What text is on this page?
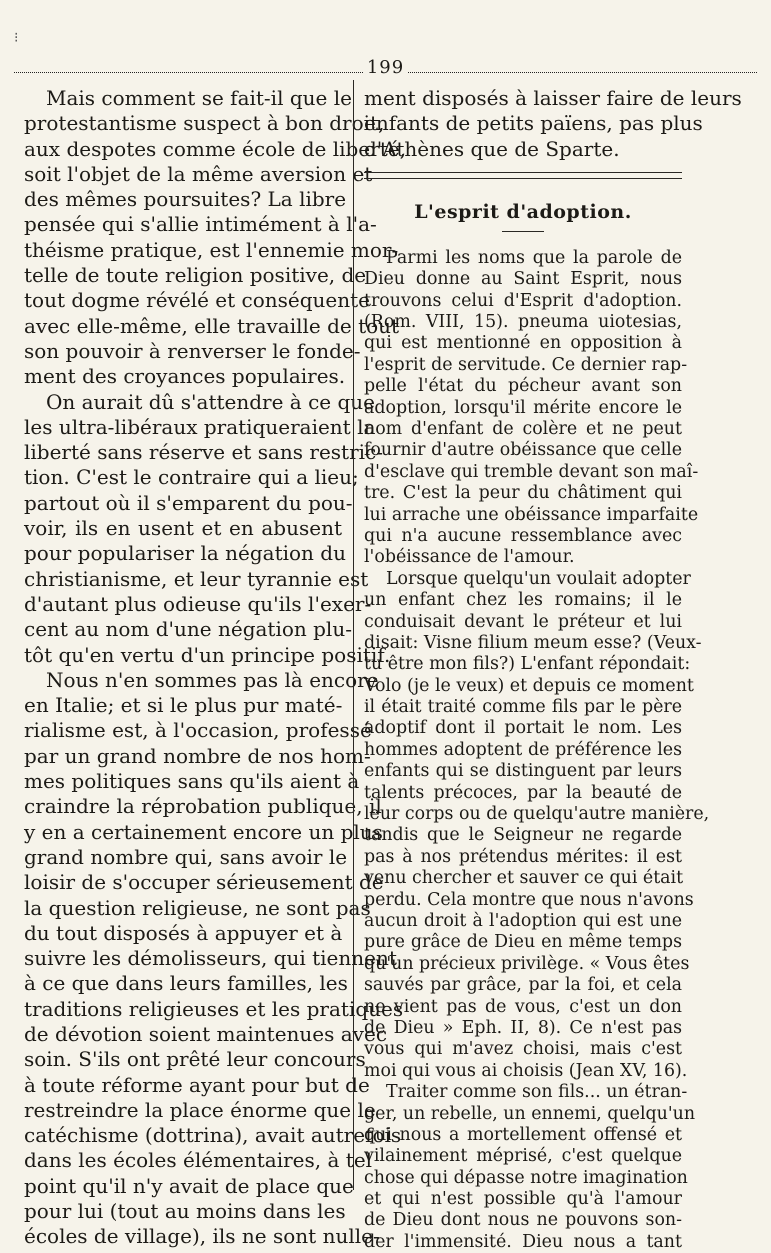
⁝
199

Mais comment se fait-il que le

protestantisme suspect à bon droit,

aux despotes comme école de liberté,

soit l'objet de la même aversion et

des mêmes poursuites? La libre

pensée qui s'allie intimément à l'a-

théisme pratique, est l'ennemie mor-

telle de toute religion positive, de

tout dogme révélé et conséquente

avec elle-même, elle travaille de tout

son pouvoir à renverser le fonde-

ment des croyances populaires.

On aurait dû s'attendre à ce que

les ultra-libéraux pratiqueraient la

liberté sans réserve et sans restric-

tion. C'est le contraire qui a lieu;

partout où il s'emparent du pou-

voir, ils en usent et en abusent

pour populariser la négation du

christianisme, et leur tyrannie est

d'autant plus odieuse qu'ils l'exer-

cent au nom d'une négation plu-

tôt qu'en vertu d'un principe positif.

Nous n'en sommes pas là encore

en Italie; et si le plus pur maté-

rialisme est, à l'occasion, professé

par un grand nombre de nos hom-

mes politiques sans qu'ils aient à

craindre la réprobation publique, il

y en a certainement encore un plus

grand nombre qui, sans avoir le

loisir de s'occuper sérieusement de

la question religieuse, ne sont pas

du tout disposés à appuyer et à

suivre les démolisseurs, qui tiennent

à ce que dans leurs familles, les

traditions religieuses et les pratiques

de dévotion soient maintenues avec

soin. S'ils ont prêté leur concours

à toute réforme ayant pour but de

restreindre la place énorme que le

catéchisme (dottrina), avait autrefois

dans les écoles élémentaires, à tel

point qu'il n'y avait de place que

pour lui (tout au moins dans les

écoles de village), ils ne sont nulle-

ment disposés à laisser faire de leurs

enfants de petits païens, pas plus

d'Athènes que de Sparte.

L'esprit d'adoption.

Parmi les noms que la parole de

Dieu donne au Saint Esprit, nous

trouvons celui d'Esprit d'adoption.

(Rom. VIII, 15). pneuma uiotesias,

qui est mentionné en opposition à

l'esprit de servitude. Ce dernier rap-

pelle l'état du pécheur avant son

adoption, lorsqu'il mérite encore le

nom d'enfant de colère et ne peut

fournir d'autre obéissance que celle

d'esclave qui tremble devant son maî-

tre. C'est la peur du châtiment qui

lui arrache une obéissance imparfaite

qui n'a aucune ressemblance avec

l'obéissance de l'amour.

Lorsque quelqu'un voulait adopter

un enfant chez les romains; il le

conduisait devant le préteur et lui

disait: Visne filium meum esse? (Veux-

tu être mon fils?) L'enfant répondait:

Volo (je le veux) et depuis ce moment

il était traité comme fils par le père

adoptif dont il portait le nom. Les

hommes adoptent de préférence les

enfants qui se distinguent par leurs

talents précoces, par la beauté de

leur corps ou de quelqu'autre manière,

tandis que le Seigneur ne regarde

pas à nos prétendus mérites: il est

venu chercher et sauver ce qui était

perdu. Cela montre que nous n'avons

aucun droit à l'adoption qui est une

pure grâce de Dieu en même temps

qu'un précieux privilège. « Vous êtes

sauvés par grâce, par la foi, et cela

ne vient pas de vous, c'est un don

de Dieu » Eph. II, 8). Ce n'est pas

vous qui m'avez choisi, mais c'est

moi qui vous ai choisis (Jean XV, 16).

Traiter comme son fils... un étran-

ger, un rebelle, un ennemi, quelqu'un

qui nous a mortellement offensé et

vilainement méprisé, c'est quelque

chose qui dépasse notre imagination

et qui n'est possible qu'à l'amour

de Dieu dont nous ne pouvons son-

der l'immensité. Dieu nous a tant
